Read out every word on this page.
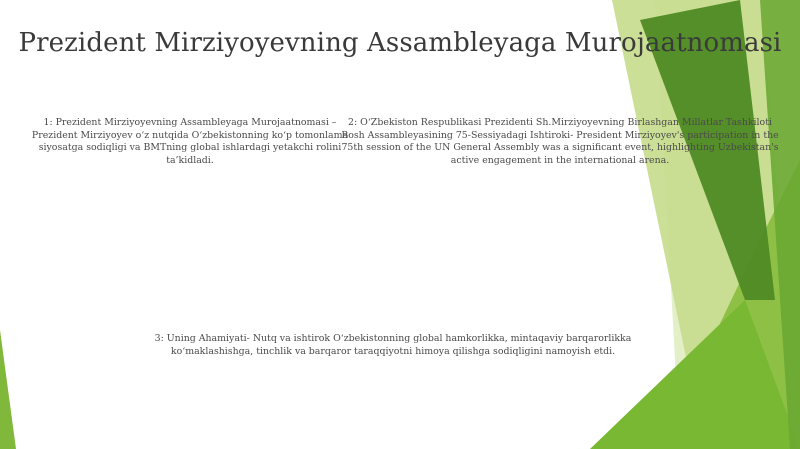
Prezident Mirziyoyevning Assambleyaga Murojaatnomasi
1: Prezident Mirziyoyevning Assambleyaga Murojaatnomasi – Prezident Mirziyoyev o‘z nutqida O‘zbekistonning ko‘p tomonlama siyosatga sodiqligi va BMTning global ishlardagi yetakchi rolini ta’kidladi.
2: O‘Zbekiston Respublikasi Prezidenti Sh.Mirziyoyevning Birlashgan Millatlar Tashkiloti Bosh Assambleyasining 75-Sessiyadagi Ishtiroki- President Mirziyoyev's participation in the 75th session of the UN General Assembly was a significant event, highlighting Uzbekistan's active engagement in the international arena.
3: Uning Ahamiyati- Nutq va ishtirok O‘zbekistonning global hamkorlikka, mintaqaviy barqarorlikka ko‘maklashishga, tinchlik va barqaror taraqqiyotni himoya qilishga sodiqligini namoyish etdi.
